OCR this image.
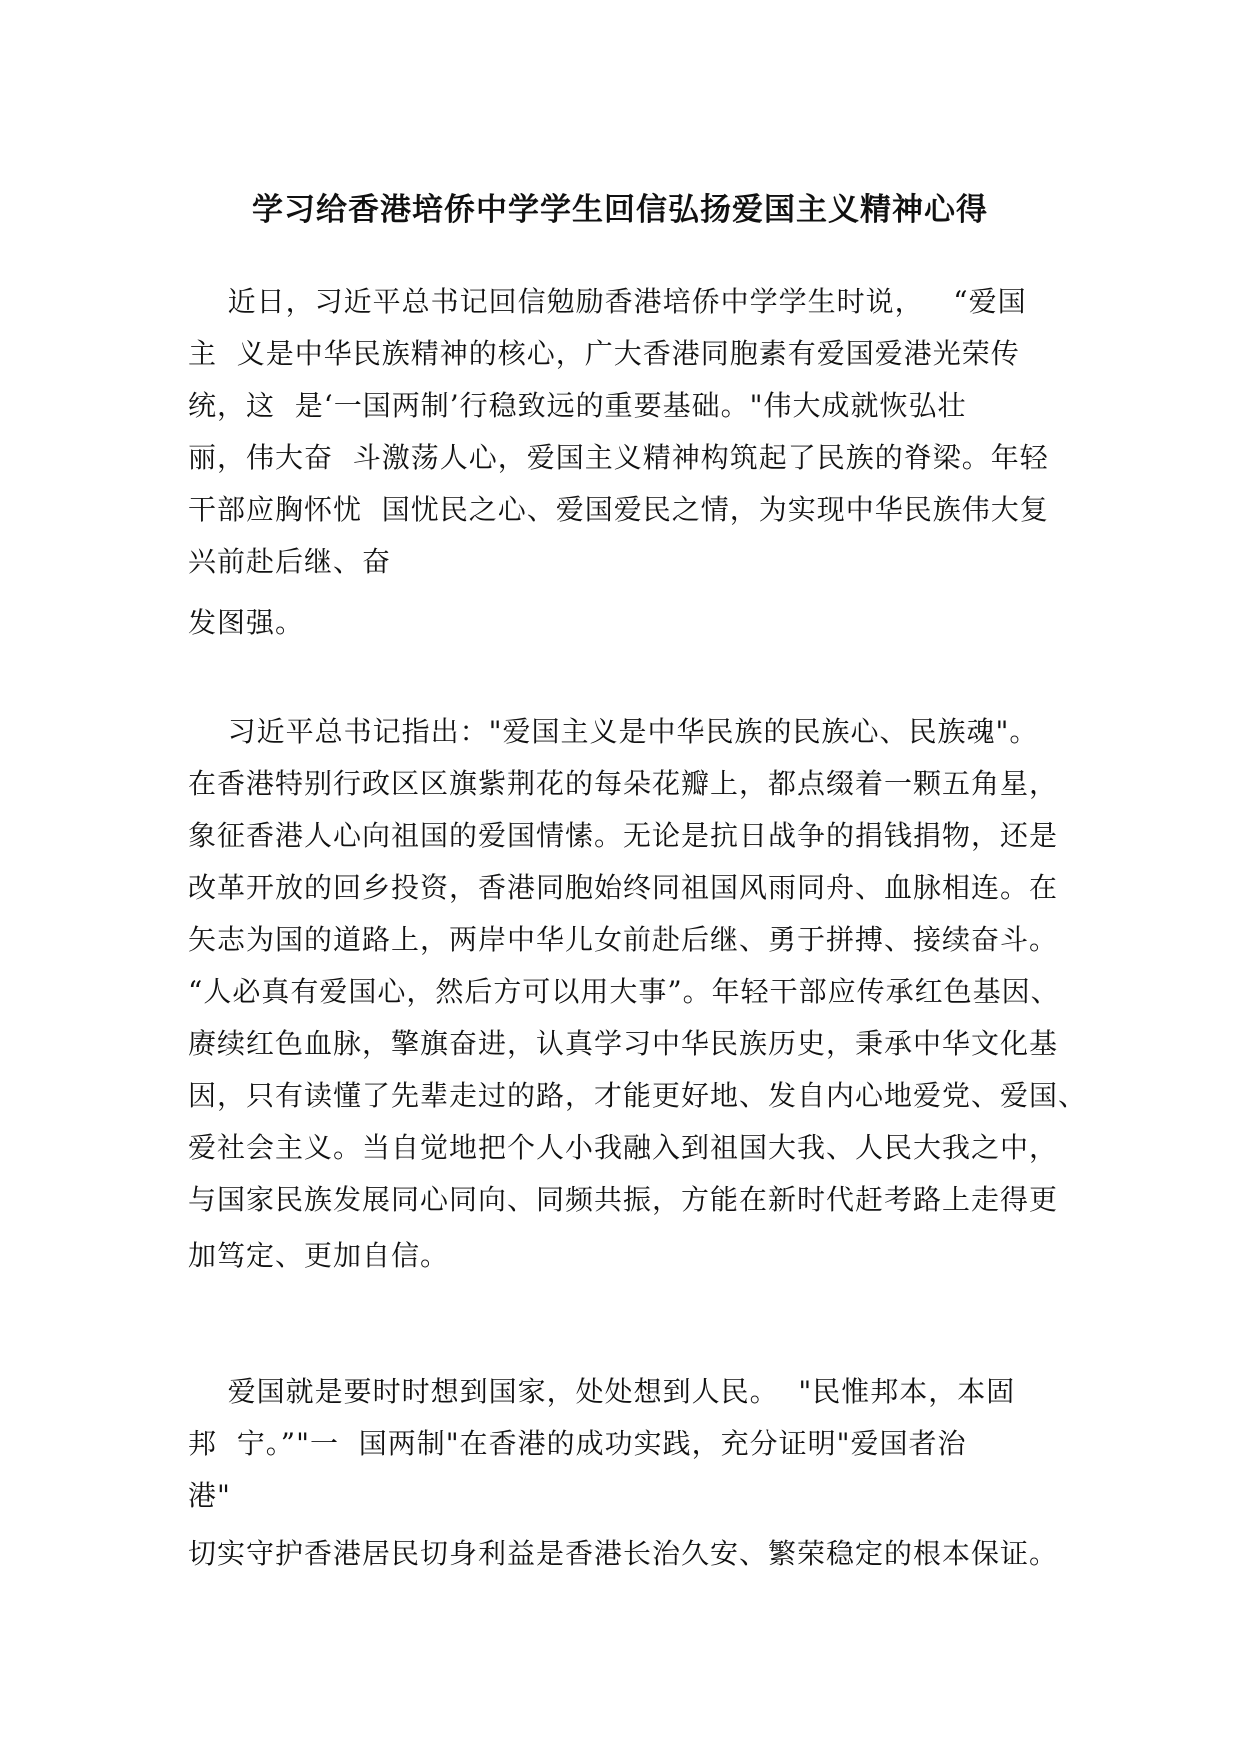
学习给香港培侨中学学生回信弘扬爱国主义精神心得
近日，习近平总书记回信勉励香港培侨中学学生时说，   “爱国
主  义是中华民族精神的核心，广大香港同胞素有爱国爱港光荣传
统，这  是‘一国两制’行稳致远的重要基础。"伟大成就恢弘壮
丽，伟大奋  斗激荡人心，爱国主义精神构筑起了民族的脊梁。年轻
干部应胸怀忧  国忧民之心、爱国爱民之情，为实现中华民族伟大复
兴前赴后继、奋
发图强。
习近平总书记指出："爱国主义是中华民族的民族心、民族魂"。
在香港特别行政区区旗紫荆花的每朵花瓣上，都点缀着一颗五角星，
象征香港人心向祖国的爱国情愫。无论是抗日战争的捐钱捐物，还是
改革开放的回乡投资，香港同胞始终同祖国风雨同舟、血脉相连。在
矢志为国的道路上，两岸中华儿女前赴后继、勇于拼搏、接续奋斗。
“人必真有爱国心，然后方可以用大事”。年轻干部应传承红色基因、
赓续红色血脉，擎旗奋进，认真学习中华民族历史，秉承中华文化基
因，只有读懂了先辈走过的路，才能更好地、发自内心地爱党、爱国、
爱社会主义。当自觉地把个人小我融入到祖国大我、人民大我之中，
与国家民族发展同心同向、同频共振，方能在新时代赶考路上走得更
加笃定、更加自信。
爱国就是要时时想到国家，处处想到人民。  "民惟邦本，本固
邦  宁。”"一  国两制"在香港的成功实践，充分证明"爱国者治
港"
切实守护香港居民切身利益是香港长治久安、繁荣稳定的根本保证。
